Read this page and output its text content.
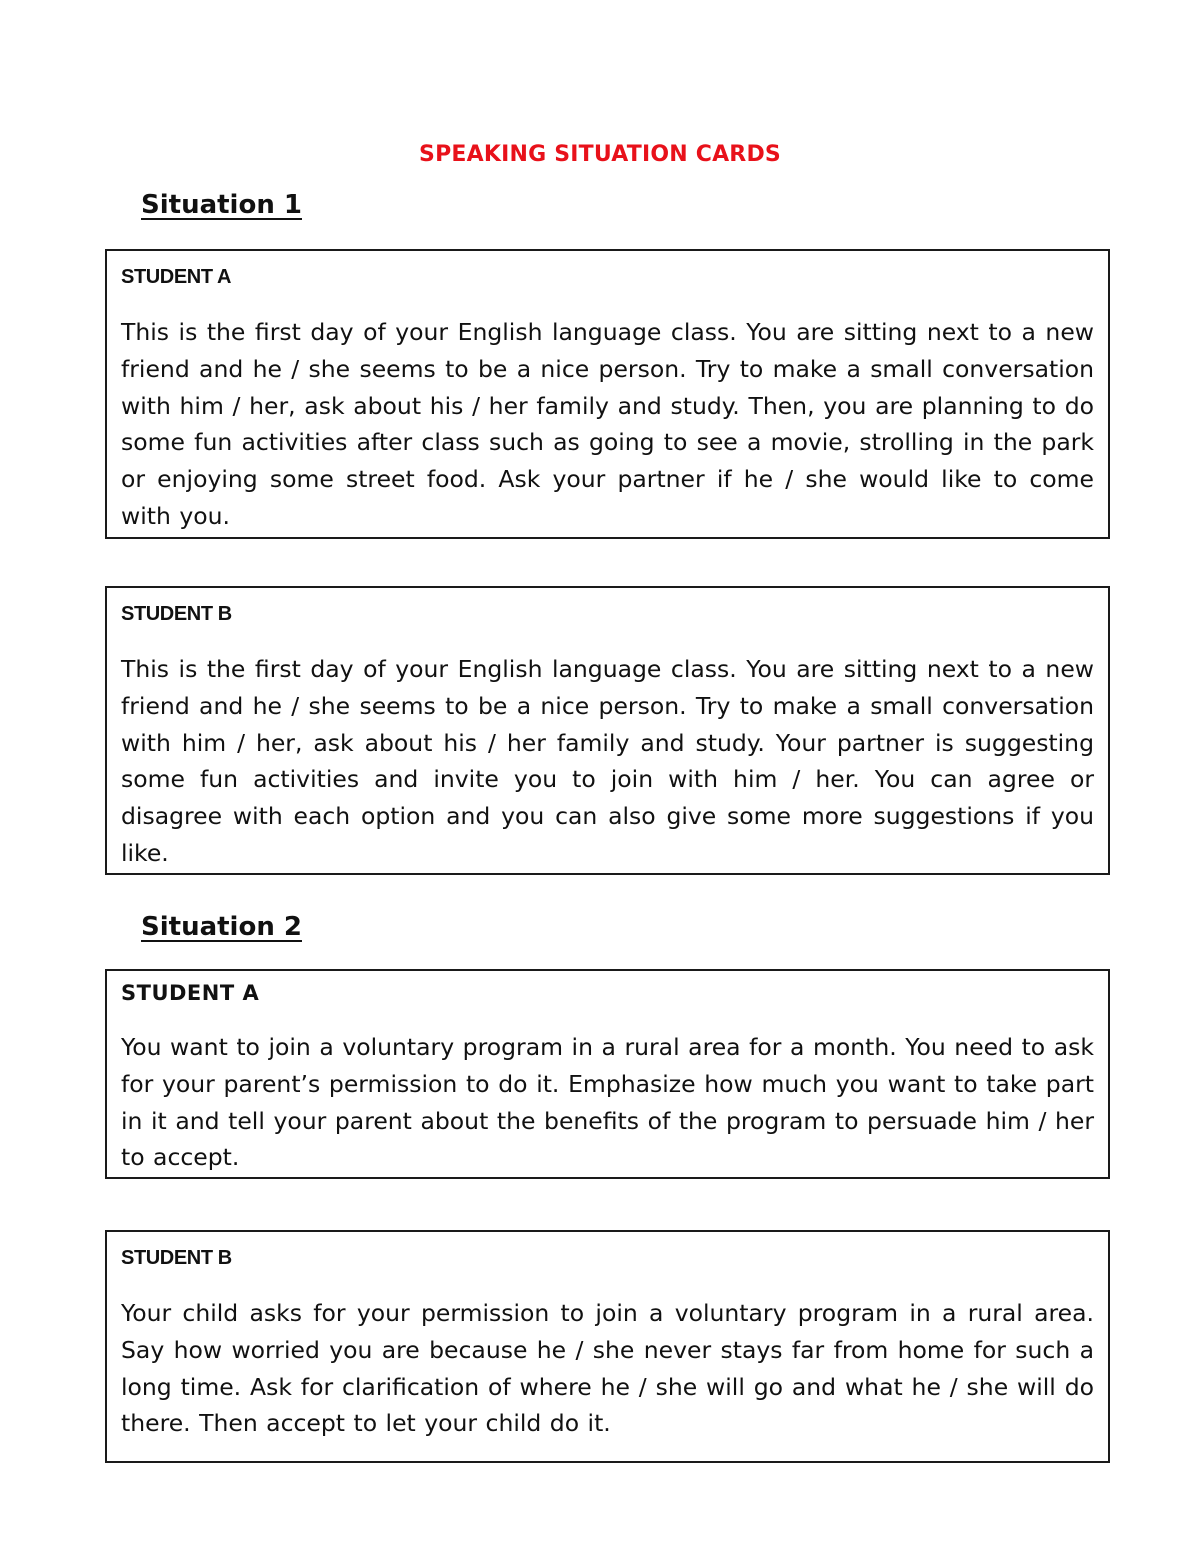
SPEAKING SITUATION CARDS
Situation 1
STUDENT A

This is the first day of your English language class. You are sitting next to a new friend and he / she seems to be a nice person. Try to make a small conversation with him / her, ask about his / her family and study. Then, you are planning to do some fun activities after class such as going to see a movie, strolling in the park or enjoying some street food. Ask your partner if he / she would like to come with you.

STUDENT B

This is the first day of your English language class. You are sitting next to a new friend and he / she seems to be a nice person. Try to make a small conversation with him / her, ask about his / her family and study. Your partner is suggesting some fun activities and invite you to join with him / her. You can agree or disagree with each option and you can also give some more suggestions if you like.

Situation 2
STUDENT A

You want to join a voluntary program in a rural area for a month. You need to ask for your parent’s permission to do it. Emphasize how much you want to take part in it and tell your parent about the benefits of the program to persuade him / her to accept.

STUDENT B

Your child asks for your permission to join a voluntary program in a rural area. Say how worried you are because he / she never stays far from home for such a long time. Ask for clarification of where he / she will go and what he / she will do there. Then accept to let your child do it.
